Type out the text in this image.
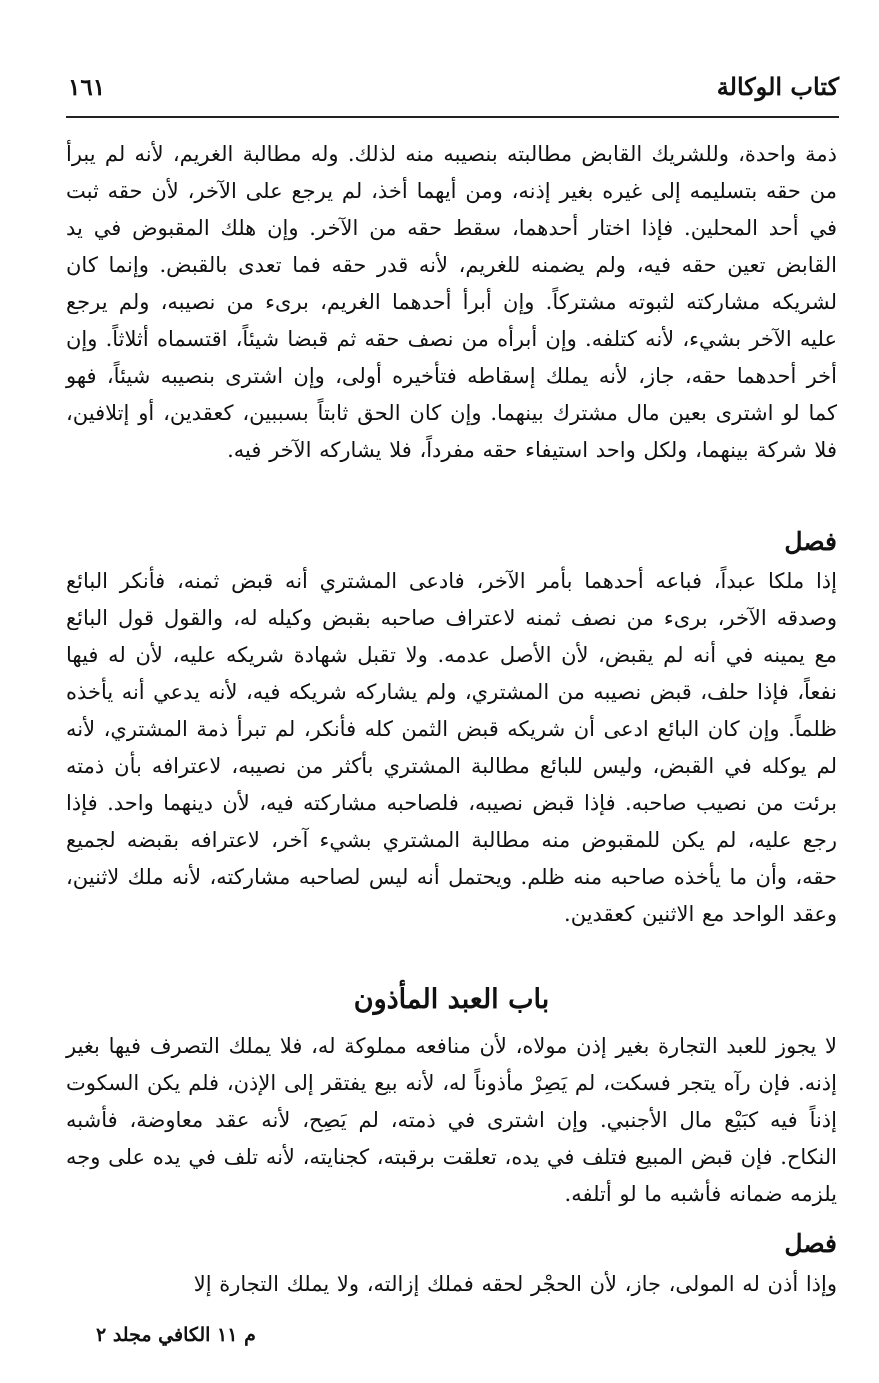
كتاب الوكالة
١٦١

ذمة واحدة، وللشريك القابض مطالبته بنصيبه منه لذلك. وله مطالبة الغريم، لأنه لم يبرأ من حقه بتسليمه إلى غيره بغير إذنه، ومن أيهما أخذ، لم يرجع على الآخر، لأن حقه ثبت في أحد المحلين. فإذا اختار أحدهما، سقط حقه من الآخر. وإن هلك المقبوض في يد القابض تعين حقه فيه، ولم يضمنه للغريم، لأنه قدر حقه فما تعدى بالقبض. وإنما كان لشريكه مشاركته لثبوته مشتركاً. وإن أبرأ أحدهما الغريم، برىء من نصيبه، ولم يرجع عليه الآخر بشيء، لأنه كتلفه. وإن أبرأه من نصف حقه ثم قبضا شيئاً، اقتسماه أثلاثاً. وإن أخر أحدهما حقه، جاز، لأنه يملك إسقاطه فتأخيره أولى، وإن اشترى بنصيبه شيئاً، فهو كما لو اشترى بعين مال مشترك بينهما. وإن كان الحق ثابتاً بسببين، كعقدين، أو إتلافين، فلا شركة بينهما، ولكل واحد استيفاء حقه مفرداً، فلا يشاركه الآخر فيه.

فصل

إذا ملكا عبداً، فباعه أحدهما بأمر الآخر، فادعى المشتري أنه قبض ثمنه، فأنكر البائع وصدقه الآخر، برىء من نصف ثمنه لاعتراف صاحبه بقبض وكيله له، والقول قول البائع مع يمينه في أنه لم يقبض، لأن الأصل عدمه. ولا تقبل شهادة شريكه عليه، لأن له فيها نفعاً، فإذا حلف، قبض نصيبه من المشتري، ولم يشاركه شريكه فيه، لأنه يدعي أنه يأخذه ظلماً. وإن كان البائع ادعى أن شريكه قبض الثمن كله فأنكر، لم تبرأ ذمة المشتري، لأنه لم يوكله في القبض، وليس للبائع مطالبة المشتري بأكثر من نصيبه، لاعترافه بأن ذمته برئت من نصيب صاحبه. فإذا قبض نصيبه، فلصاحبه مشاركته فيه، لأن دينهما واحد. فإذا رجع عليه، لم يكن للمقبوض منه مطالبة المشتري بشيء آخر، لاعترافه بقبضه لجميع حقه، وأن ما يأخذه صاحبه منه ظلم. ويحتمل أنه ليس لصاحبه مشاركته، لأنه ملك لاثنين، وعقد الواحد مع الاثنين كعقدين.

باب العبد المأذون

لا يجوز للعبد التجارة بغير إذن مولاه، لأن منافعه مملوكة له، فلا يملك التصرف فيها بغير إذنه. فإن رآه يتجر فسكت، لم يَصِرْ مأذوناً له، لأنه بيع يفتقر إلى الإذن، فلم يكن السكوت إذناً فيه كبَيْع مال الأجنبي. وإن اشترى في ذمته، لم يَصِح، لأنه عقد معاوضة، فأشبه النكاح. فإن قبض المبيع فتلف في يده، تعلقت برقبته، كجنايته، لأنه تلف في يده على وجه يلزمه ضمانه فأشبه ما لو أتلفه.

فصل

وإذا أذن له المولى، جاز، لأن الحجْر لحقه فملك إزالته، ولا يملك التجارة إلا

م ١١ الكافي مجلد ٢
